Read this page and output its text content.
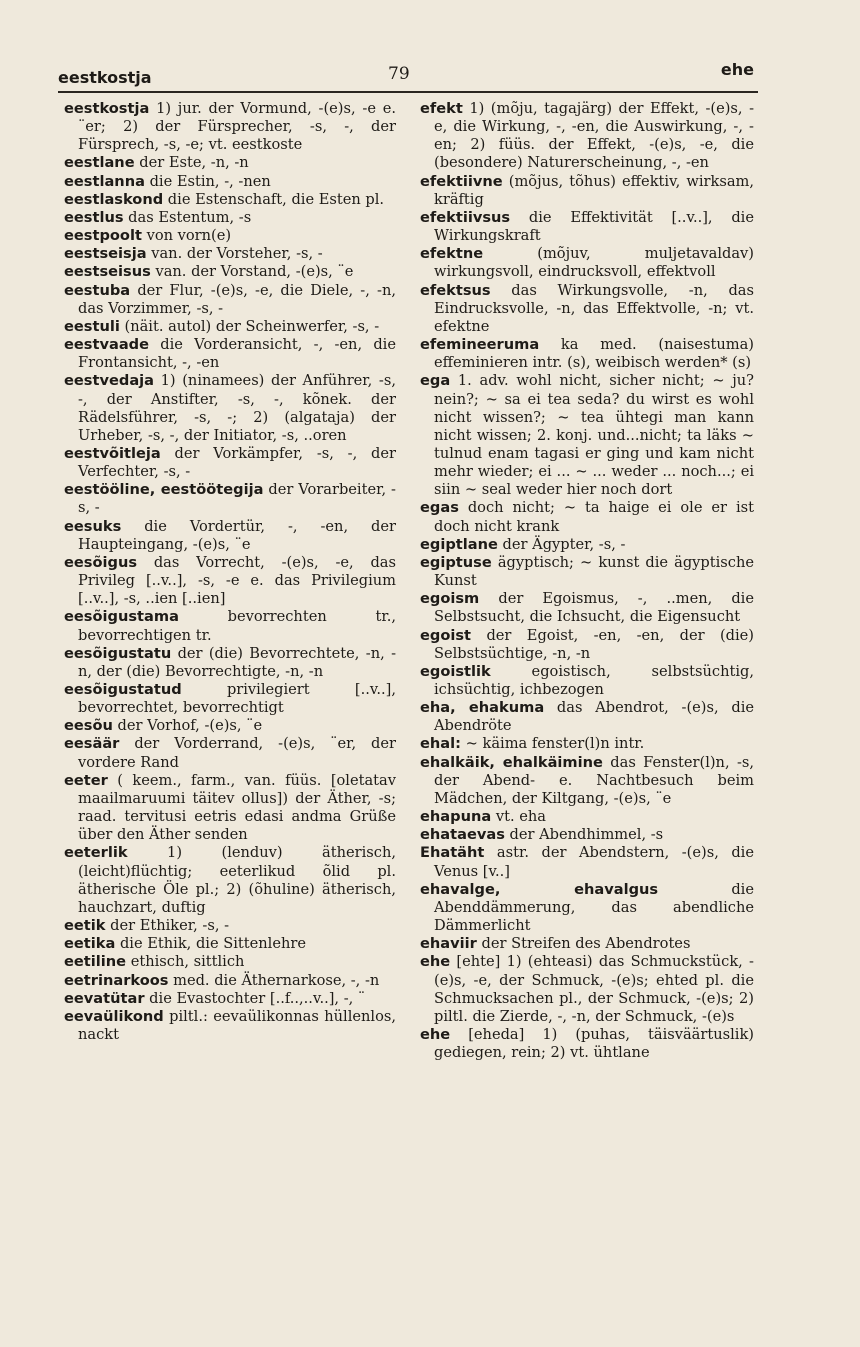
eestkostja	79	ehe
eestkostja 1) jur. der Vormund, -(e)s, -e e. ¨er; 2) der Fürsprecher, -s, -, der Fürsprech, -s, -e; vt. eestkoste
eestlane der Este, -n, -n
eestlanna die Estin, -, -nen
eestlaskond die Estenschaft, die Esten pl.
eestlus das Estentum, -s
eestpoolt von vorn(e)
eestseisja van. der Vorsteher, -s, -
eestseisus van. der Vorstand, -(e)s, ¨e
eestuba der Flur, -(e)s, -e, die Diele, -, -n, das Vorzimmer, -s, -
eestuli (näit. autol) der Scheinwerfer, -s, -
eestvaade die Vorderansicht, -, -en, die Frontansicht, -, -en
eestvedaja 1) (ninamees) der Anführer, -s, -, der Anstifter, -s, -, kõnek. der Rädelsführer, -s, -; 2) (algataja) der Urheber, -s, -, der Initiator, -s, ..oren
eestvõitleja der Vorkämpfer, -s, -, der Verfechter, -s, -
eestööline, eestöötegija der Vorarbeiter, -s, -
eesuks die Vordertür, -, -en, der Haupteingang, -(e)s, ¨e
eesõigus das Vorrecht, -(e)s, -e, das Privileg [..v..], -s, -e e. das Privilegium [..v..], -s, ..ien [..ien]
eesõigustama bevorrechten tr., bevorrechtigen tr.
eesõigustatu der (die) Bevorrechtete, -n, -n, der (die) Bevorrechtigte, -n, -n
eesõigustatud privilegiert [..v..], bevorrechtet, bevorrechtigt
eesõu der Vorhof, -(e)s, ¨e
eesäär der Vorderrand, -(e)s, ¨er, der vordere Rand
eeter ( keem., farm., van. füüs. [oletatav maailmaruumi täitev ollus]) der Äther, -s; raad. tervitusi eetris edasi andma Grüße über den Äther senden
eeterlik 1) (lenduv) ätherisch, (leicht)flüchtig; eeterlikud õlid pl. ätherische Öle pl.; 2) (õhuline) ätherisch, hauchzart, duftig
eetik der Ethiker, -s, -
eetika die Ethik, die Sittenlehre
eetiline ethisch, sittlich
eetrinarkoos med. die Äthernarkose, -, -n
eevatütar die Evastochter [..f..,..v..], -, ¨
eevaülikond piltl.: eevaülikonnas hüllenlos, nackt
efekt 1) (mõju, tagajärg) der Effekt, -(e)s, -e, die Wirkung, -, -en, die Auswirkung, -, -en; 2) füüs. der Effekt, -(e)s, -e, die (besondere) Naturerscheinung, -, -en
efektiivne (mõjus, tõhus) effektiv, wirksam, kräftig
efektiivsus die Effektivität [..v..], die Wirkungskraft
efektne (mõjuv, muljetavaldav) wirkungsvoll, eindrucksvoll, effektvoll
efektsus das Wirkungsvolle, -n, das Eindrucksvolle, -n, das Effektvolle, -n; vt. efektne
efemineeruma ka med. (naisestuma) effeminieren intr. (s), weibisch werden* (s)
ega 1. adv. wohl nicht, sicher nicht; ~ ju? nein?; ~ sa ei tea seda? du wirst es wohl nicht wissen?; ~ tea ühtegi man kann nicht wissen; 2. konj. und...nicht; ta läks ~ tulnud enam tagasi er ging und kam nicht mehr wieder; ei ... ~ ... weder ... noch...; ei siin ~ seal weder hier noch dort
egas doch nicht; ~ ta haige ei ole er ist doch nicht krank
egiptlane der Ägypter, -s, -
egiptuse ägyptisch; ~ kunst die ägyptische Kunst
egoism der Egoismus, -, ..men, die Selbstsucht, die Ichsucht, die Eigensucht
egoist der Egoist, -en, -en, der (die) Selbstsüchtige, -n, -n
egoistlik egoistisch, selbstsüchtig, ichsüchtig, ichbezogen
eha, ehakuma das Abendrot, -(e)s, die Abendröte
ehal: ~ käima fenster(l)n intr.
ehalkäik, ehalkäimine das Fenster(l)n, -s, der Abend- e. Nachtbesuch beim Mädchen, der Kiltgang, -(e)s, ¨e
ehapuna vt. eha
ehataevas der Abendhimmel, -s
Ehatäht astr. der Abendstern, -(e)s, die Venus [v..]
ehavalge, ehavalgus die Abenddämmerung, das abendliche Dämmerlicht
ehaviir der Streifen des Abendrotes
ehe [ehte] 1) (ehteasi) das Schmuckstück, -(e)s, -e, der Schmuck, -(e)s; ehted pl. die Schmucksachen pl., der Schmuck, -(e)s; 2) piltl. die Zierde, -, -n, der Schmuck, -(e)s
ehe [eheda] 1) (puhas, täisväärtuslik) gediegen, rein; 2) vt. ühtlane
